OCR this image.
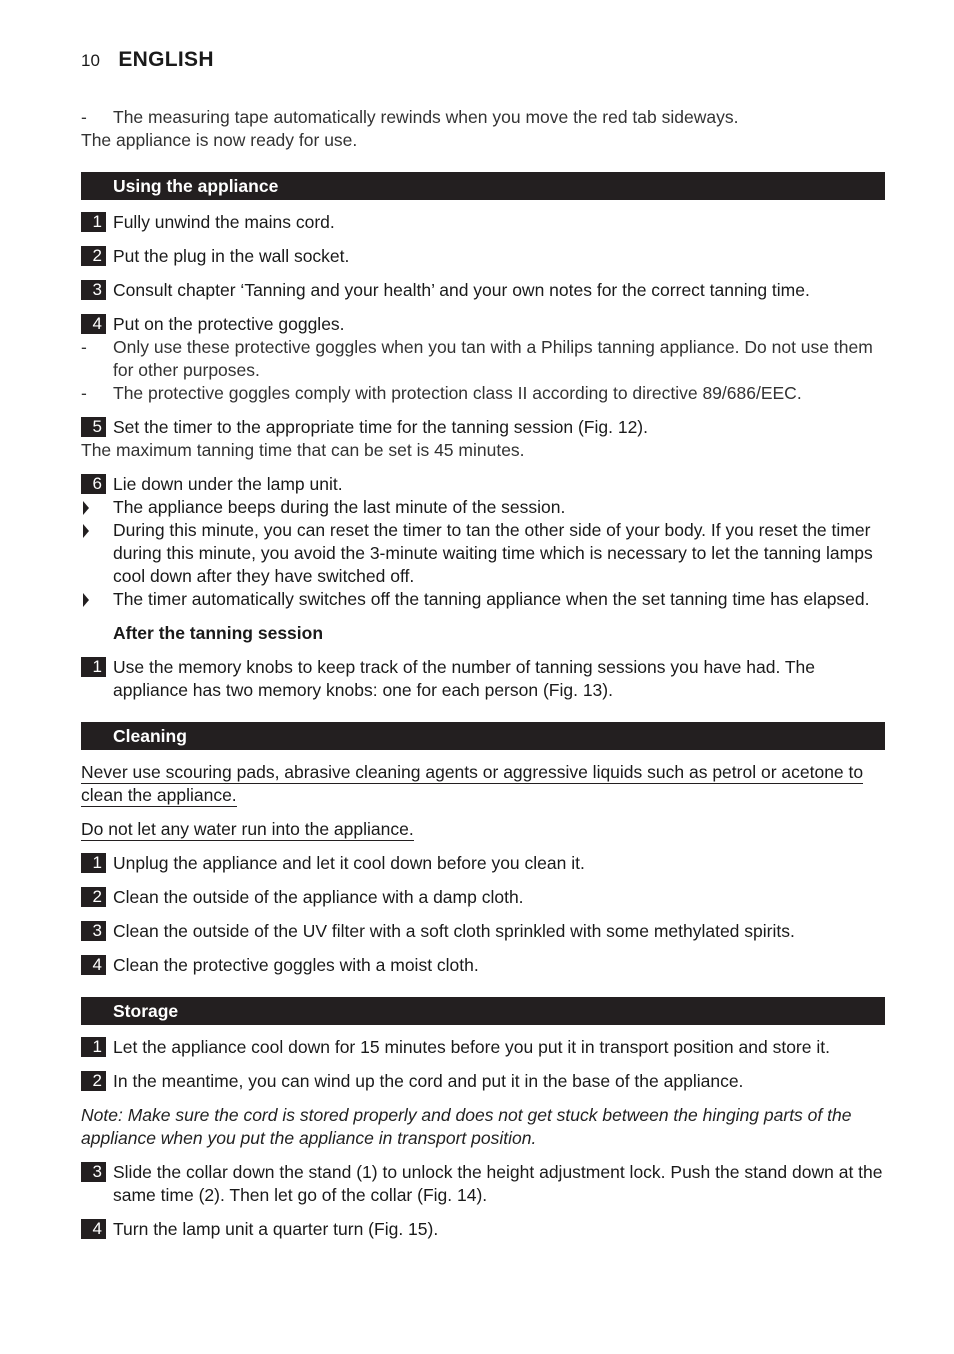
10 ENGLISH
- The measuring tape automatically rewinds when you move the red tab sideways.
The appliance is now ready for use.
Using the appliance
1 Fully unwind the mains cord.
2 Put the plug in the wall socket.
3 Consult chapter ‘Tanning and your health’ and your own notes for the correct tanning time.
4 Put on the protective goggles.
- Only use these protective goggles when you tan with a Philips tanning appliance. Do not use them for other purposes.
- The protective goggles comply with protection class II according to directive 89/686/EEC.
5 Set the timer to the appropriate time for the tanning session (Fig. 12).
The maximum tanning time that can be set is 45 minutes.
6 Lie down under the lamp unit.
The appliance beeps during the last minute of the session.
During this minute, you can reset the timer to tan the other side of your body. If you reset the timer during this minute, you avoid the 3-minute waiting time which is necessary to let the tanning lamps cool down after they have switched off.
The timer automatically switches off the tanning appliance when the set tanning time has elapsed.
After the tanning session
1 Use the memory knobs to keep track of the number of tanning sessions you have had. The appliance has two memory knobs: one for each person (Fig. 13).
Cleaning
Never use scouring pads, abrasive cleaning agents or aggressive liquids such as petrol or acetone to clean the appliance.
Do not let any water run into the appliance.
1 Unplug the appliance and let it cool down before you clean it.
2 Clean the outside of the appliance with a damp cloth.
3 Clean the outside of the UV filter with a soft cloth sprinkled with some methylated spirits.
4 Clean the protective goggles with a moist cloth.
Storage
1 Let the appliance cool down for 15 minutes before you put it in transport position and store it.
2 In the meantime, you can wind up the cord and put it in the base of the appliance.
Note: Make sure the cord is stored properly and does not get stuck between the hinging parts of the appliance when you put the appliance in transport position.
3 Slide the collar down the stand (1) to unlock the height adjustment lock. Push the stand down at the same time (2). Then let go of the collar (Fig. 14).
4 Turn the lamp unit a quarter turn (Fig. 15).
